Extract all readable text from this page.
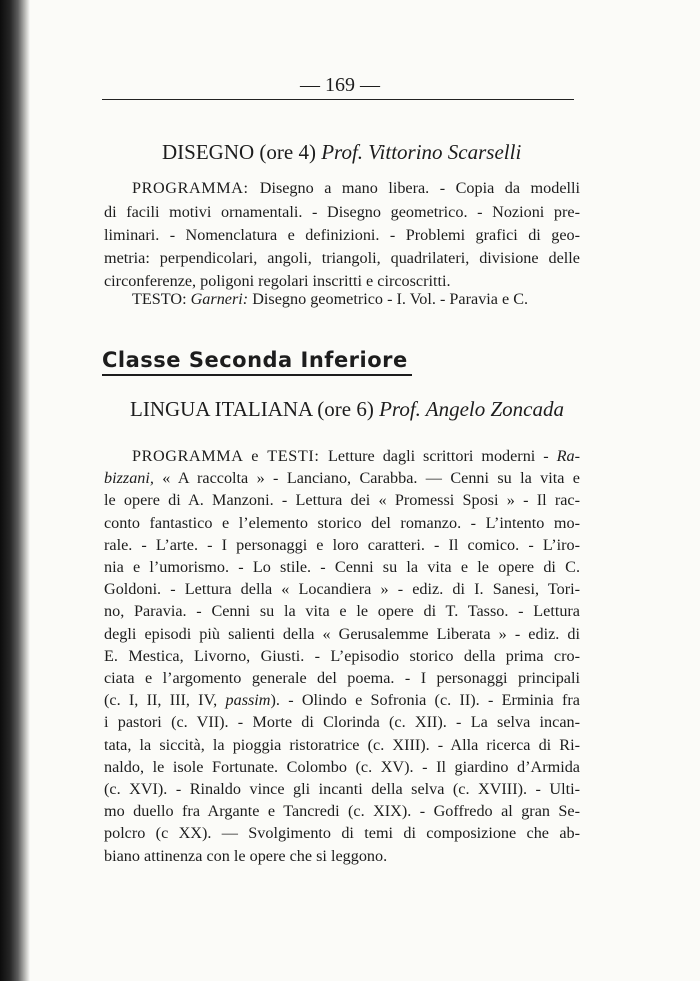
— 169 —
DISEGNO (ore 4) Prof. Vittorino Scarselli
PROGRAMMA: Disegno a mano libera. - Copia da modelli
di facili motivi ornamentali. - Disegno geometrico. - Nozioni pre-
liminari. - Nomenclatura e definizioni. - Problemi grafici di geo-
metria: perpendicolari, angoli, triangoli, quadrilateri, divisione delle
circonferenze, poligoni regolari inscritti e circoscritti.
TESTO: Garneri: Disegno geometrico - I. Vol. - Paravia e C.
Classe Seconda Inferiore
LINGUA ITALIANA (ore 6) Prof. Angelo Zoncada
PROGRAMMA e TESTI: Letture dagli scrittori moderni - Ra-
bizzani, « A raccolta » - Lanciano, Carabba. — Cenni su la vita e
le opere di A. Manzoni. - Lettura dei « Promessi Sposi » - Il rac-
conto fantastico e l’elemento storico del romanzo. - L’intento mo-
rale. - L’arte. - I personaggi e loro caratteri. - Il comico. - L’iro-
nia e l’umorismo. - Lo stile. - Cenni su la vita e le opere di C.
Goldoni. - Lettura della « Locandiera » - ediz. di I. Sanesi, Tori-
no, Paravia. - Cenni su la vita e le opere di T. Tasso. - Lettura
degli episodi più salienti della « Gerusalemme Liberata » - ediz. di
E. Mestica, Livorno, Giusti. - L’episodio storico della prima cro-
ciata e l’argomento generale del poema. - I personaggi principali
(c. I, II, III, IV, passim). - Olindo e Sofronia (c. II). - Erminia fra
i pastori (c. VII). - Morte di Clorinda (c. XII). - La selva incan-
tata, la siccità, la pioggia ristoratrice (c. XIII). - Alla ricerca di Ri-
naldo, le isole Fortunate. Colombo (c. XV). - Il giardino d’Armida
(c. XVI). - Rinaldo vince gli incanti della selva (c. XVIII). - Ulti-
mo duello fra Argante e Tancredi (c. XIX). - Goffredo al gran Se-
polcro (c XX). — Svolgimento di temi di composizione che ab-
biano attinenza con le opere che si leggono.
